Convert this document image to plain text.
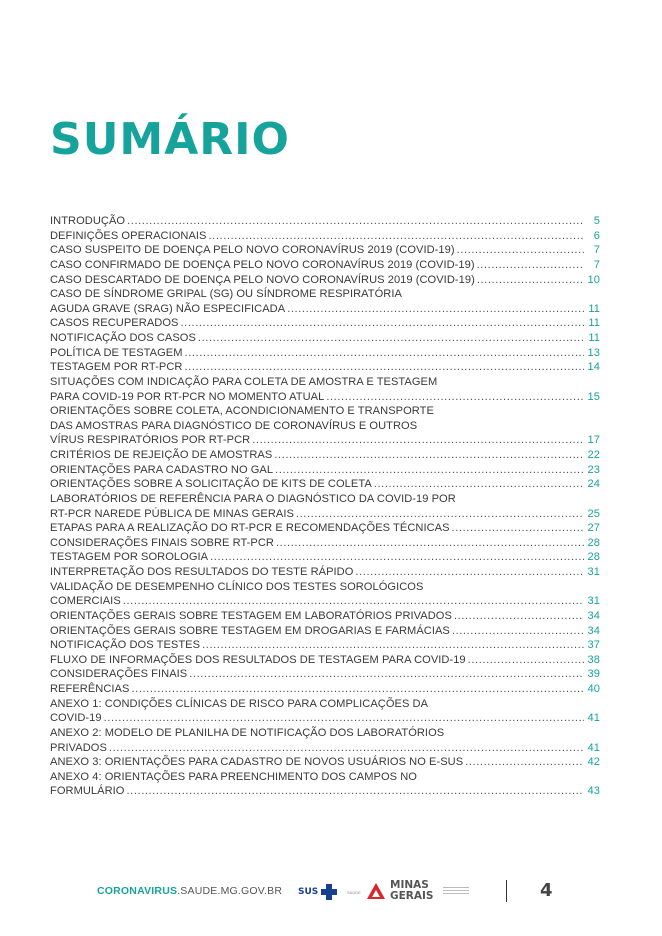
SUMÁRIO
INTRODUÇÃO .....	5
DEFINIÇÕES OPERACIONAIS .....	6
CASO SUSPEITO DE DOENÇA PELO NOVO CORONAVÍRUS 2019 (COVID-19) .....	7
CASO CONFIRMADO DE DOENÇA PELO NOVO CORONAVÍRUS 2019 (COVID-19) .....	7
CASO DESCARTADO DE DOENÇA PELO NOVO CORONAVÍRUS 2019 (COVID-19) .....	10
CASO DE SÍNDROME GRIPAL (SG) OU SÍNDROME RESPIRATÓRIA
AGUDA GRAVE (SRAG) NÃO ESPECIFICADA .....	11
CASOS RECUPERADOS .....	11
NOTIFICAÇÃO DOS CASOS .....	11
POLÍTICA DE TESTAGEM .....	13
TESTAGEM POR RT-PCR .....	14
SITUAÇÕES COM INDICAÇÃO PARA COLETA DE AMOSTRA E TESTAGEM
PARA COVID-19 POR RT-PCR NO MOMENTO ATUAL .....	15
ORIENTAÇÕES SOBRE COLETA, ACONDICIONAMENTO E TRANSPORTE
DAS AMOSTRAS PARA DIAGNÓSTICO DE CORONAVÍRUS E OUTROS
VÍRUS RESPIRATÓRIOS POR RT-PCR .....	17
CRITÉRIOS DE REJEIÇÃO DE AMOSTRAS .....	22
ORIENTAÇÕES PARA CADASTRO NO GAL .....	23
ORIENTAÇÕES SOBRE A SOLICITAÇÃO DE KITS DE COLETA .....	24
LABORATÓRIOS DE REFERÊNCIA PARA O DIAGNÓSTICO DA COVID-19 POR
RT-PCR NAREDE PÚBLICA DE MINAS GERAIS .....	25
ETAPAS PARA A REALIZAÇÃO DO RT-PCR E RECOMENDAÇÕES TÉCNICAS .....	27
CONSIDERAÇÕES FINAIS SOBRE RT-PCR .....	28
TESTAGEM POR SOROLOGIA .....	28
INTERPRETAÇÃO DOS RESULTADOS DO TESTE RÁPIDO .....	31
VALIDAÇÃO DE DESEMPENHO CLÍNICO DOS TESTES SOROLÓGICOS
COMERCIAIS .....	31
ORIENTAÇÕES GERAIS SOBRE TESTAGEM EM LABORATÓRIOS PRIVADOS .....	34
ORIENTAÇÕES GERAIS SOBRE TESTAGEM EM DROGARIAS E FARMÁCIAS .....	34
NOTIFICAÇÃO DOS TESTES .....	37
FLUXO DE INFORMAÇÕES DOS RESULTADOS DE TESTAGEM PARA COVID-19 .....	38
CONSIDERAÇÕES FINAIS .....	39
REFERÊNCIAS .....	40
ANEXO 1: CONDIÇÕES CLÍNICAS DE RISCO PARA COMPLICAÇÕES DA
COVID-19 .....	41
ANEXO 2: MODELO DE PLANILHA DE NOTIFICAÇÃO DOS LABORATÓRIOS
PRIVADOS .....	41
ANEXO 3: ORIENTAÇÕES PARA CADASTRO DE NOVOS USUÁRIOS NO E-SUS .....	42
ANEXO 4: ORIENTAÇÕES PARA PREENCHIMENTO DOS CAMPOS NO
FORMULÁRIO .....	43
CORONAVIRUS.SAUDE.MG.GOV.BR SUS	SAÚDE
MINAS GERAIS	4
